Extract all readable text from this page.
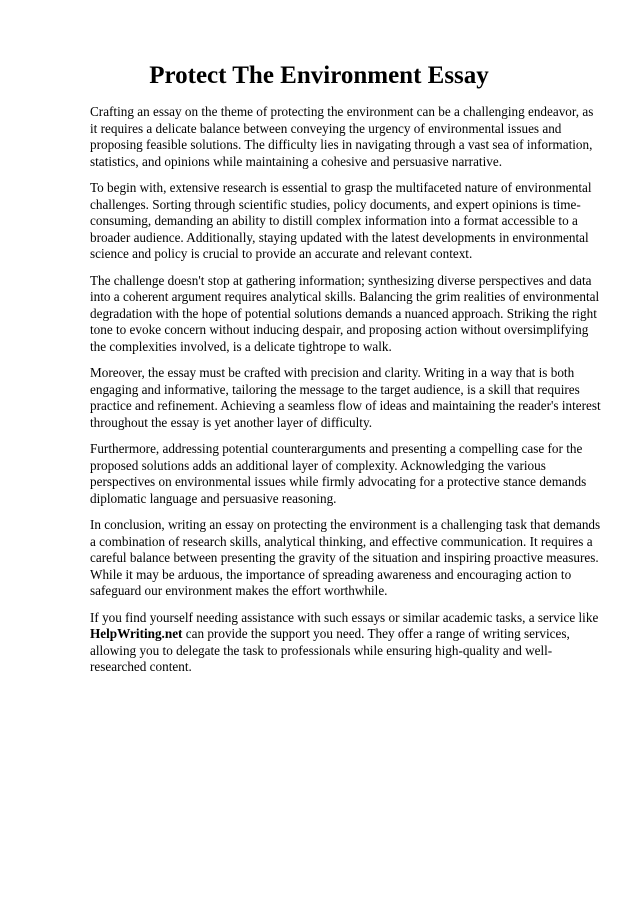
Protect The Environment Essay

Crafting an essay on the theme of protecting the environment can be a challenging endeavor, as
it requires a delicate balance between conveying the urgency of environmental issues and
proposing feasible solutions. The difficulty lies in navigating through a vast sea of information,
statistics, and opinions while maintaining a cohesive and persuasive narrative.

To begin with, extensive research is essential to grasp the multifaceted nature of environmental
challenges. Sorting through scientific studies, policy documents, and expert opinions is time-
consuming, demanding an ability to distill complex information into a format accessible to a
broader audience. Additionally, staying updated with the latest developments in environmental
science and policy is crucial to provide an accurate and relevant context.

The challenge doesn't stop at gathering information; synthesizing diverse perspectives and data
into a coherent argument requires analytical skills. Balancing the grim realities of environmental
degradation with the hope of potential solutions demands a nuanced approach. Striking the right
tone to evoke concern without inducing despair, and proposing action without oversimplifying
the complexities involved, is a delicate tightrope to walk.

Moreover, the essay must be crafted with precision and clarity. Writing in a way that is both
engaging and informative, tailoring the message to the target audience, is a skill that requires
practice and refinement. Achieving a seamless flow of ideas and maintaining the reader's interest
throughout the essay is yet another layer of difficulty.

Furthermore, addressing potential counterarguments and presenting a compelling case for the
proposed solutions adds an additional layer of complexity. Acknowledging the various
perspectives on environmental issues while firmly advocating for a protective stance demands
diplomatic language and persuasive reasoning.

In conclusion, writing an essay on protecting the environment is a challenging task that demands
a combination of research skills, analytical thinking, and effective communication. It requires a
careful balance between presenting the gravity of the situation and inspiring proactive measures.
While it may be arduous, the importance of spreading awareness and encouraging action to
safeguard our environment makes the effort worthwhile.

If you find yourself needing assistance with such essays or similar academic tasks, a service like
HelpWriting.net can provide the support you need. They offer a range of writing services,
allowing you to delegate the task to professionals while ensuring high-quality and well-
researched content.
